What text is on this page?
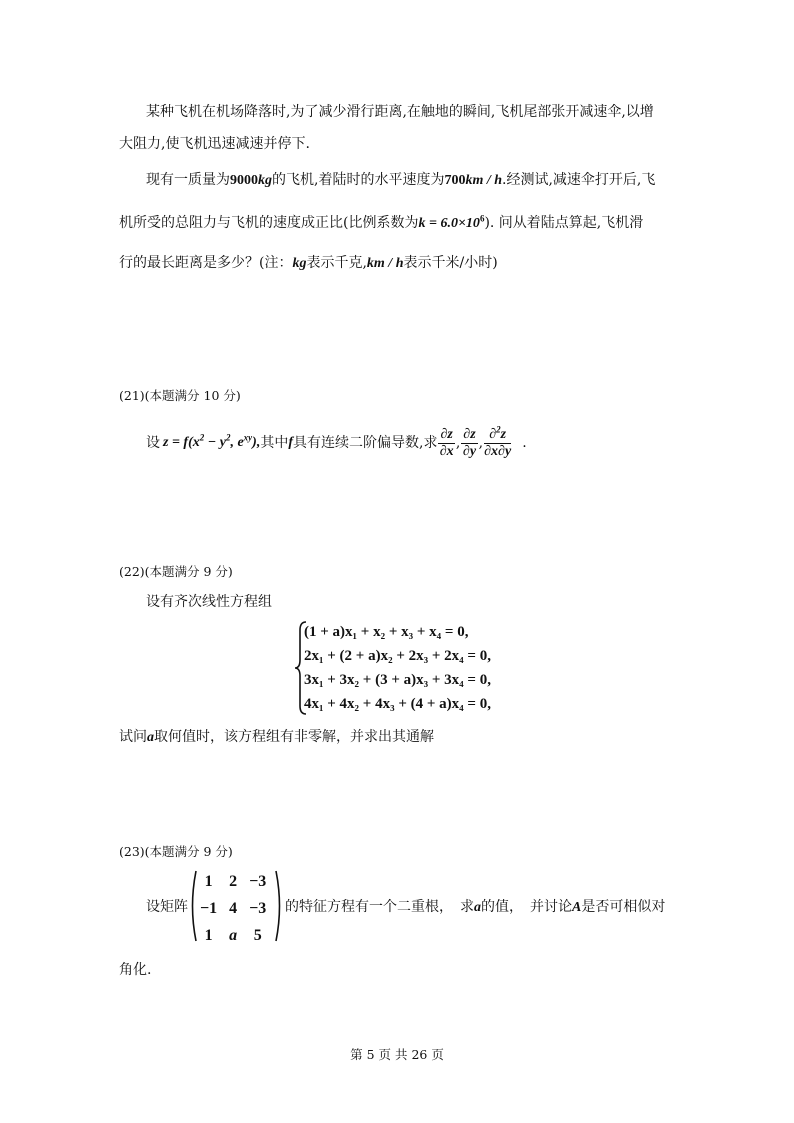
某种飞机在机场降落时,为了减少滑行距离,在触地的瞬间,飞机尾部张开减速伞,以增
大阻力,使飞机迅速减速并停下.
现有一质量为9000kg的飞机,着陆时的水平速度为700km / h.经测试,减速伞打开后,飞
机所受的总阻力与飞机的速度成正比(比例系数为$k = 6.0\times 10^6$). 问从着陆点算起,飞机滑
行的最长距离是多少？(注：kg表示千克,km / h表示千米/小时)
(21)(本题满分 10 分)
设 $z = f(x^2 - y^2$, $e^{xy}$), 其中 f 具有连续二阶偏导数,求 $\frac{\partial z}{\partial x}$ , $\frac{\partial z}{\partial y}$ , $\frac{\partial^2z}{\partial x\partial y}$ .
(22)(本题满分 9 分)
设有齐次线性方程组
(1 + a)x₁ + x₂ + x₃ + x₄ = 0,
2x₁ + (2 + a)x₂ + 2x₃ + 2x₄ = 0,
3x₁ + 3x₂ + (3 + a)x₃ + 3x₄ = 0,
4x₁ + 4x₂ + 4x₃ + (4 + a)x₄ = 0,
试问a取何值时，该方程组有非零解，并求出其通解
(23)(本题满分 9 分)
设矩阵
1	2	−3
−1	4	−3
1	a	5
的特征方程有一个二重根，　求a的值，　并讨论A是否可相似对
角化.
第 5 页 共 26 页
